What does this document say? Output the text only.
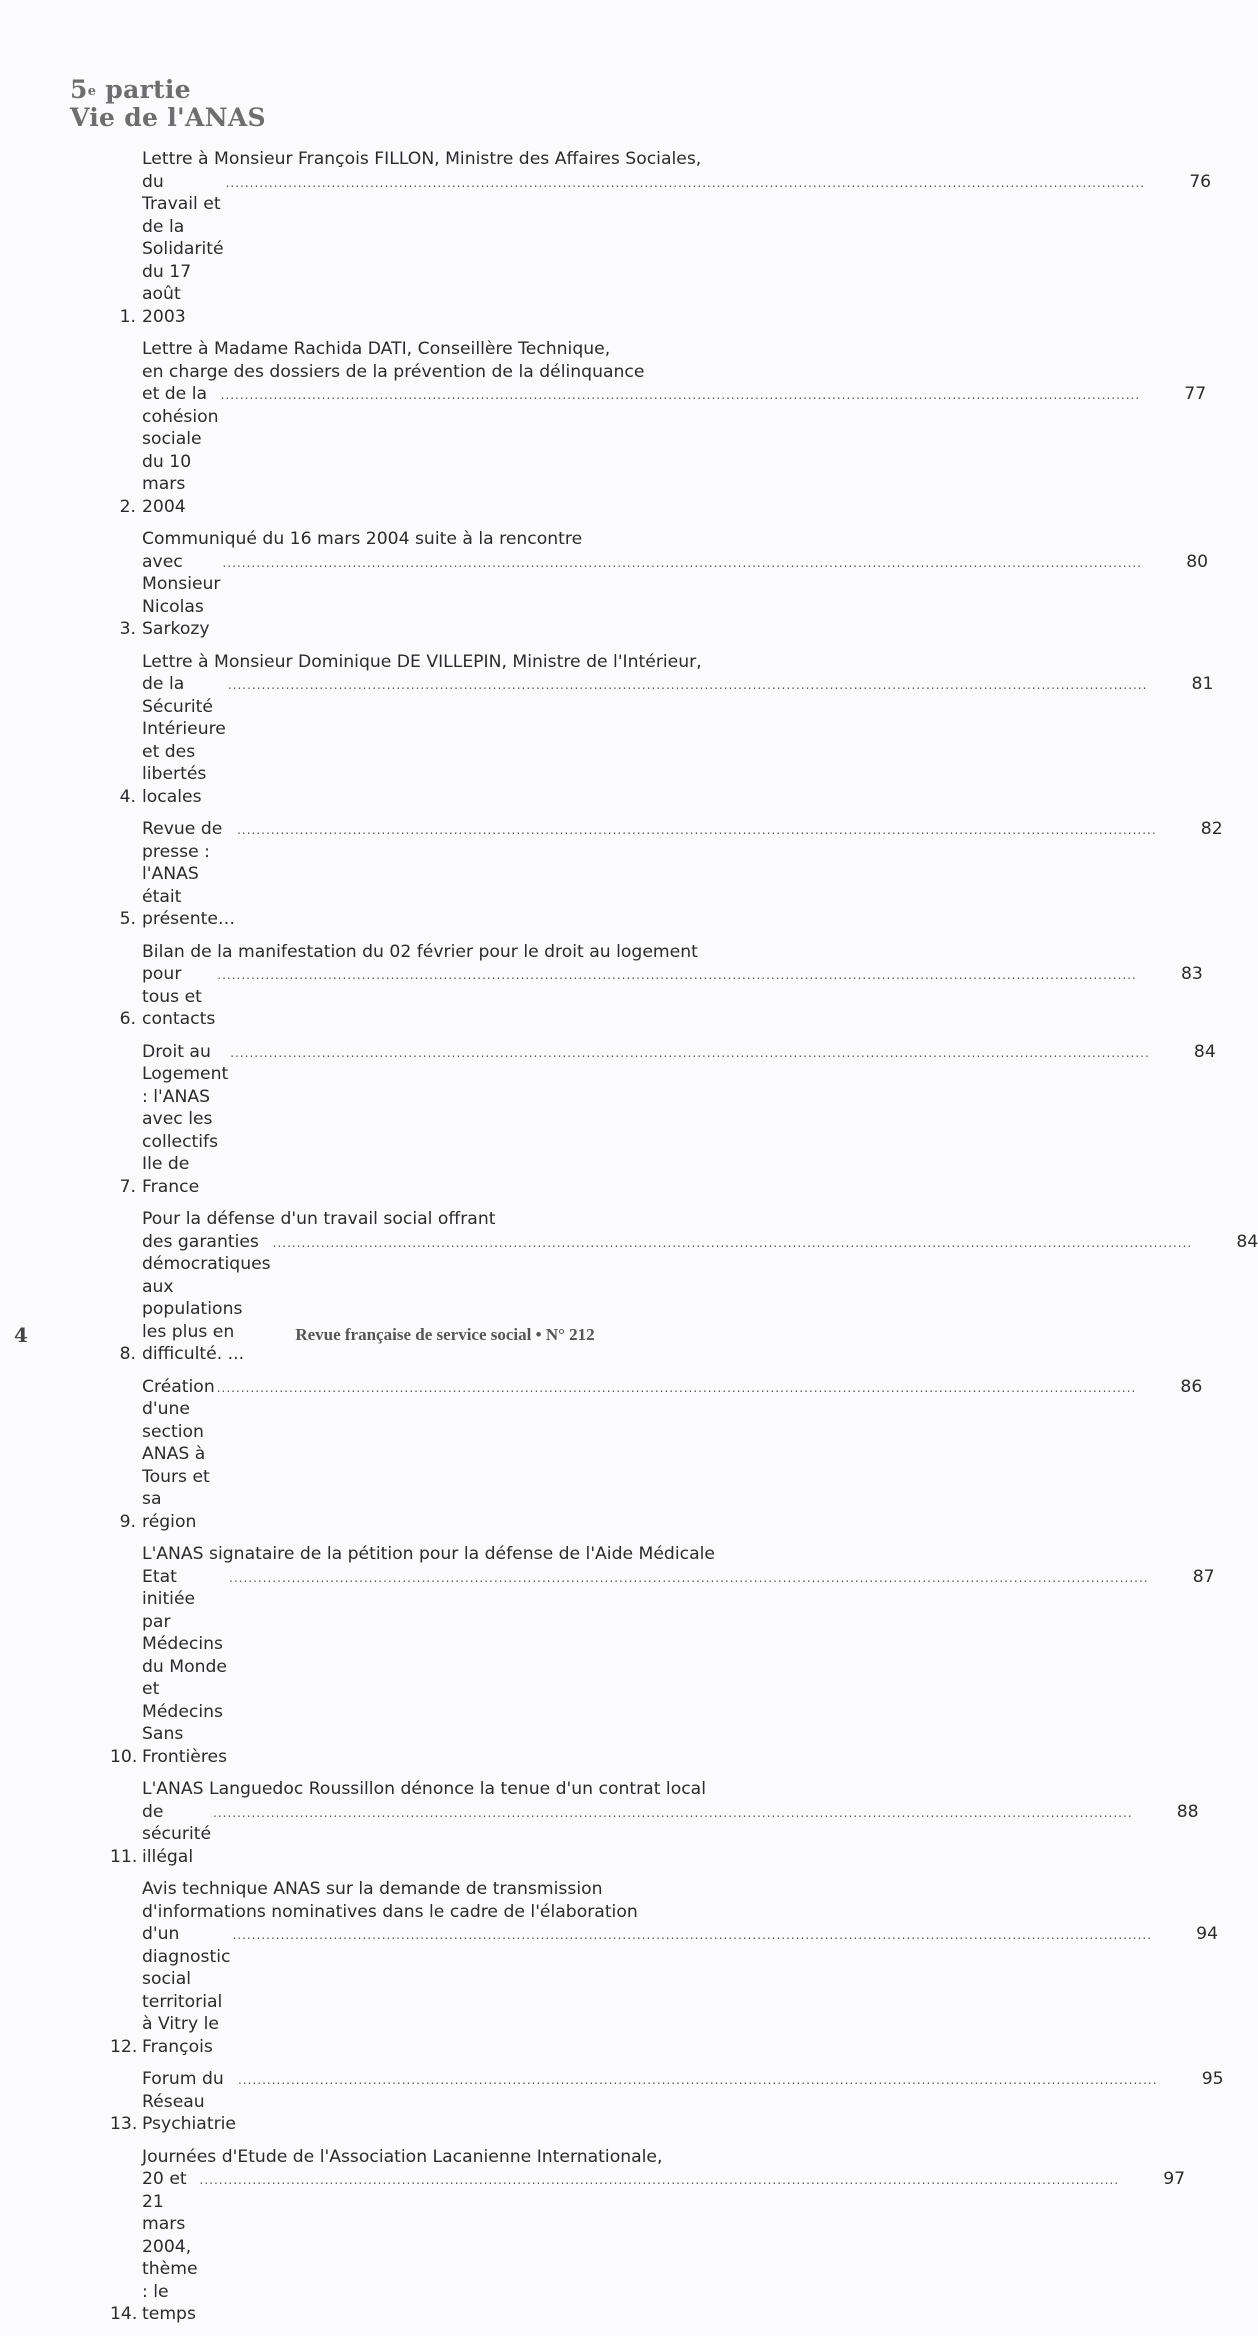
5e partie
Vie de l'ANAS
1.
Lettre à Monsieur François FILLON, Ministre des Affaires Sociales,
du Travail et de la Solidarité du 17 août 2003
.....
76
2.
Lettre à Madame Rachida DATI, Conseillère Technique,
en charge des dossiers de la prévention de la délinquance
et de la cohésion sociale du 10 mars 2004
.....
77
3.
Communiqué du 16 mars 2004 suite à la rencontre
avec Monsieur Nicolas Sarkozy
.....
80
4.
Lettre à Monsieur Dominique DE VILLEPIN, Ministre de l'Intérieur,
de la Sécurité Intérieure et des libertés locales
.....
81
5.
Revue de presse : l'ANAS était présente…
.....
82
6.
Bilan de la manifestation du 02 février pour le droit au logement
pour tous et contacts
.....
83
7.
Droit au Logement : l'ANAS avec les collectifs Ile de France
.....
84
8.
Pour la défense d'un travail social offrant
des garanties démocratiques aux populations les plus en difficulté. ...
.....
84
9.
Création d'une section ANAS à Tours et sa région
.....
86
10.
L'ANAS signataire de la pétition pour la défense de l'Aide Médicale
Etat initiée par Médecins du Monde et Médecins Sans Frontières
.....
87
11.
L'ANAS Languedoc Roussillon dénonce la tenue d'un contrat local
de sécurité illégal
.....
88
12.
Avis technique ANAS sur la demande de transmission
d'informations nominatives dans le cadre de l'élaboration
d'un diagnostic social territorial à Vitry le François
.....
94
13.
Forum du Réseau Psychiatrie
.....
95
14.
Journées d'Etude de l'Association Lacanienne Internationale,
20 et 21 mars 2004, thème : le temps
.....
97
4	Revue française de service social • N° 212
